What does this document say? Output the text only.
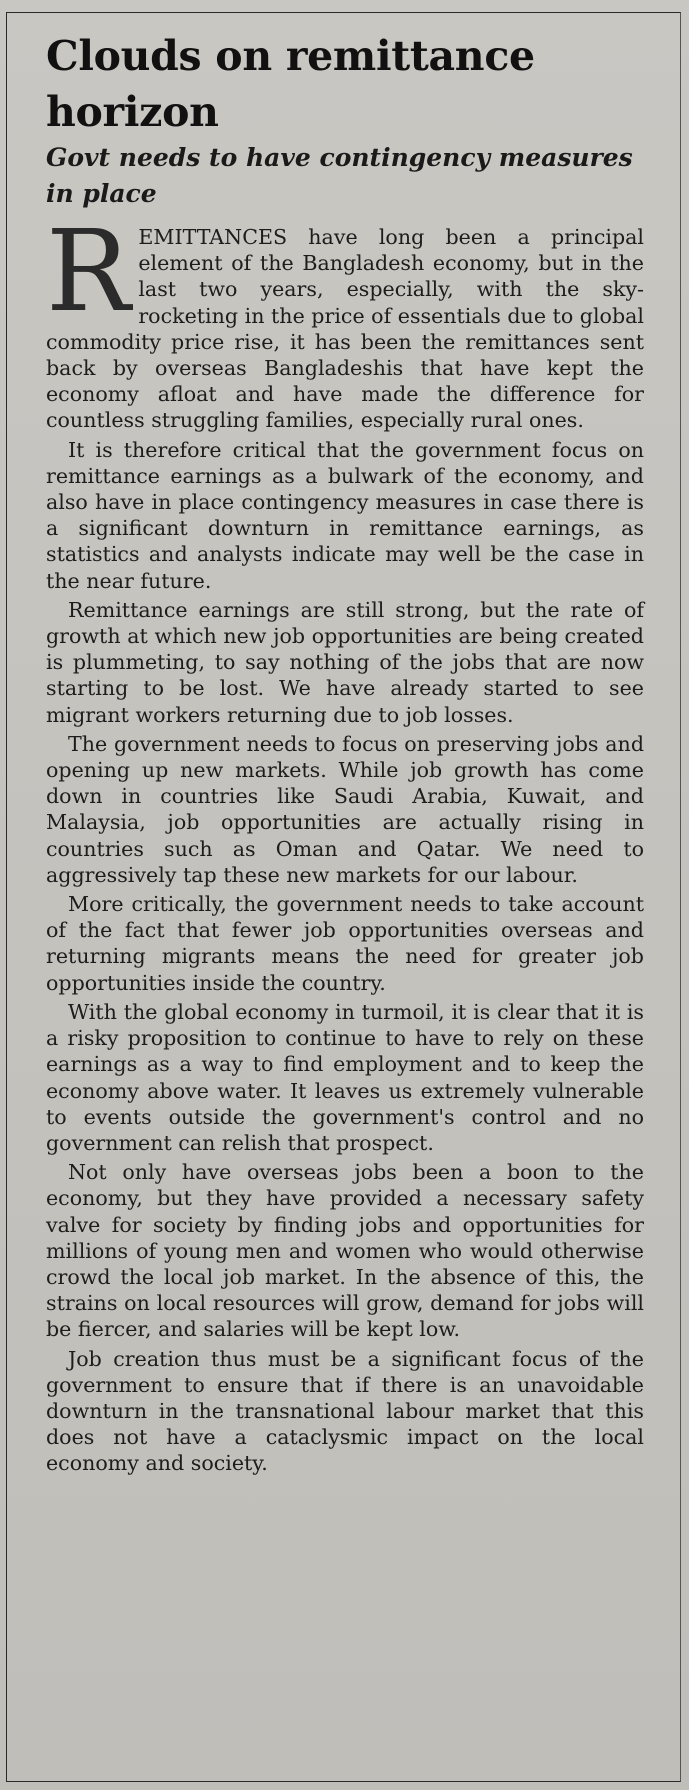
Clouds on remittance horizon
Govt needs to have contingency measures in place

REMITTANCES have long been a principal element of the Bangladesh economy, but in the last two years, especially, with the sky-rocketing in the price of essentials due to global commodity price rise, it has been the remittances sent back by overseas Bangladeshis that have kept the economy afloat and have made the difference for countless struggling families, especially rural ones.

It is therefore critical that the government focus on remittance earnings as a bulwark of the economy, and also have in place contingency measures in case there is a significant downturn in remittance earnings, as statistics and analysts indicate may well be the case in the near future.

Remittance earnings are still strong, but the rate of growth at which new job opportunities are being created is plummeting, to say nothing of the jobs that are now starting to be lost. We have already started to see migrant workers returning due to job losses.

The government needs to focus on preserving jobs and opening up new markets. While job growth has come down in countries like Saudi Arabia, Kuwait, and Malaysia, job opportunities are actually rising in countries such as Oman and Qatar. We need to aggressively tap these new markets for our labour.

More critically, the government needs to take account of the fact that fewer job opportunities overseas and returning migrants means the need for greater job opportunities inside the country.

With the global economy in turmoil, it is clear that it is a risky proposition to continue to have to rely on these earnings as a way to find employment and to keep the economy above water. It leaves us extremely vulnerable to events outside the government's control and no government can relish that prospect.

Not only have overseas jobs been a boon to the economy, but they have provided a necessary safety valve for society by finding jobs and opportunities for millions of young men and women who would otherwise crowd the local job market. In the absence of this, the strains on local resources will grow, demand for jobs will be fiercer, and salaries will be kept low.

Job creation thus must be a significant focus of the government to ensure that if there is an unavoidable downturn in the transnational labour market that this does not have a cataclysmic impact on the local economy and society.
